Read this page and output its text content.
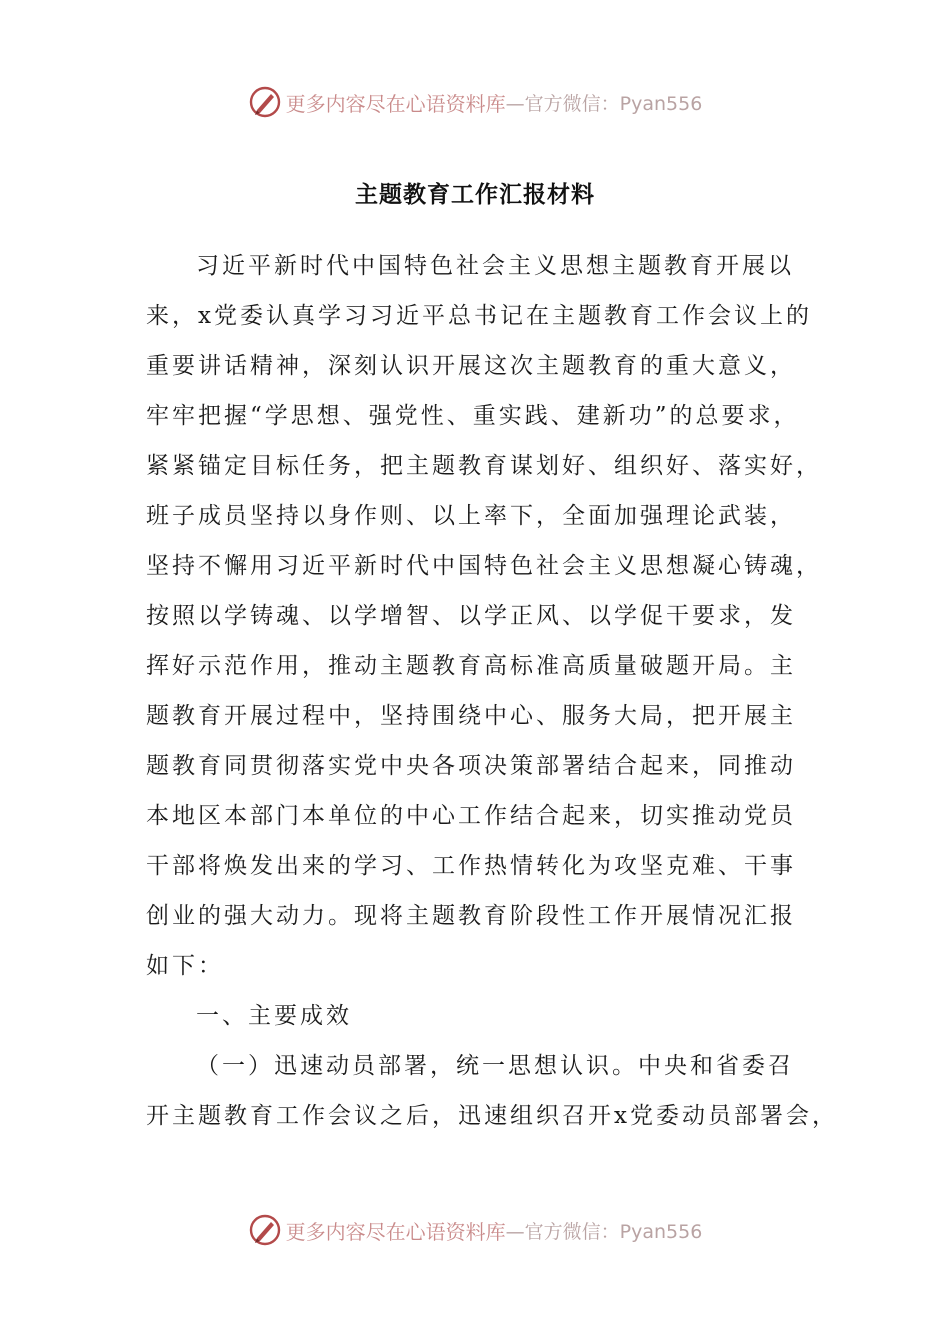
更多内容尽在心语资料库 —官方微信：Pyan556
主题教育工作汇报材料
习近平新时代中国特色社会主义思想主题教育开展以
来，x党委认真学习习近平总书记在主题教育工作会议上的
重要讲话精神，深刻认识开展这次主题教育的重大意义，
牢牢把握“学思想、强党性、重实践、建新功”的总要求，
紧紧锚定目标任务，把主题教育谋划好、组织好、落实好，
班子成员坚持以身作则、以上率下，全面加强理论武装，
坚持不懈用习近平新时代中国特色社会主义思想凝心铸魂，
按照以学铸魂、以学增智、以学正风、以学促干要求，发
挥好示范作用，推动主题教育高标准高质量破题开局。主
题教育开展过程中，坚持围绕中心、服务大局，把开展主
题教育同贯彻落实党中央各项决策部署结合起来，同推动
本地区本部门本单位的中心工作结合起来，切实推动党员
干部将焕发出来的学习、工作热情转化为攻坚克难、干事
创业的强大动力。现将主题教育阶段性工作开展情况汇报
如下：
一、主要成效
（一）迅速动员部署，统一思想认识。中央和省委召
开主题教育工作会议之后，迅速组织召开x党委动员部署会，
更多内容尽在心语资料库 —官方微信：Pyan556
